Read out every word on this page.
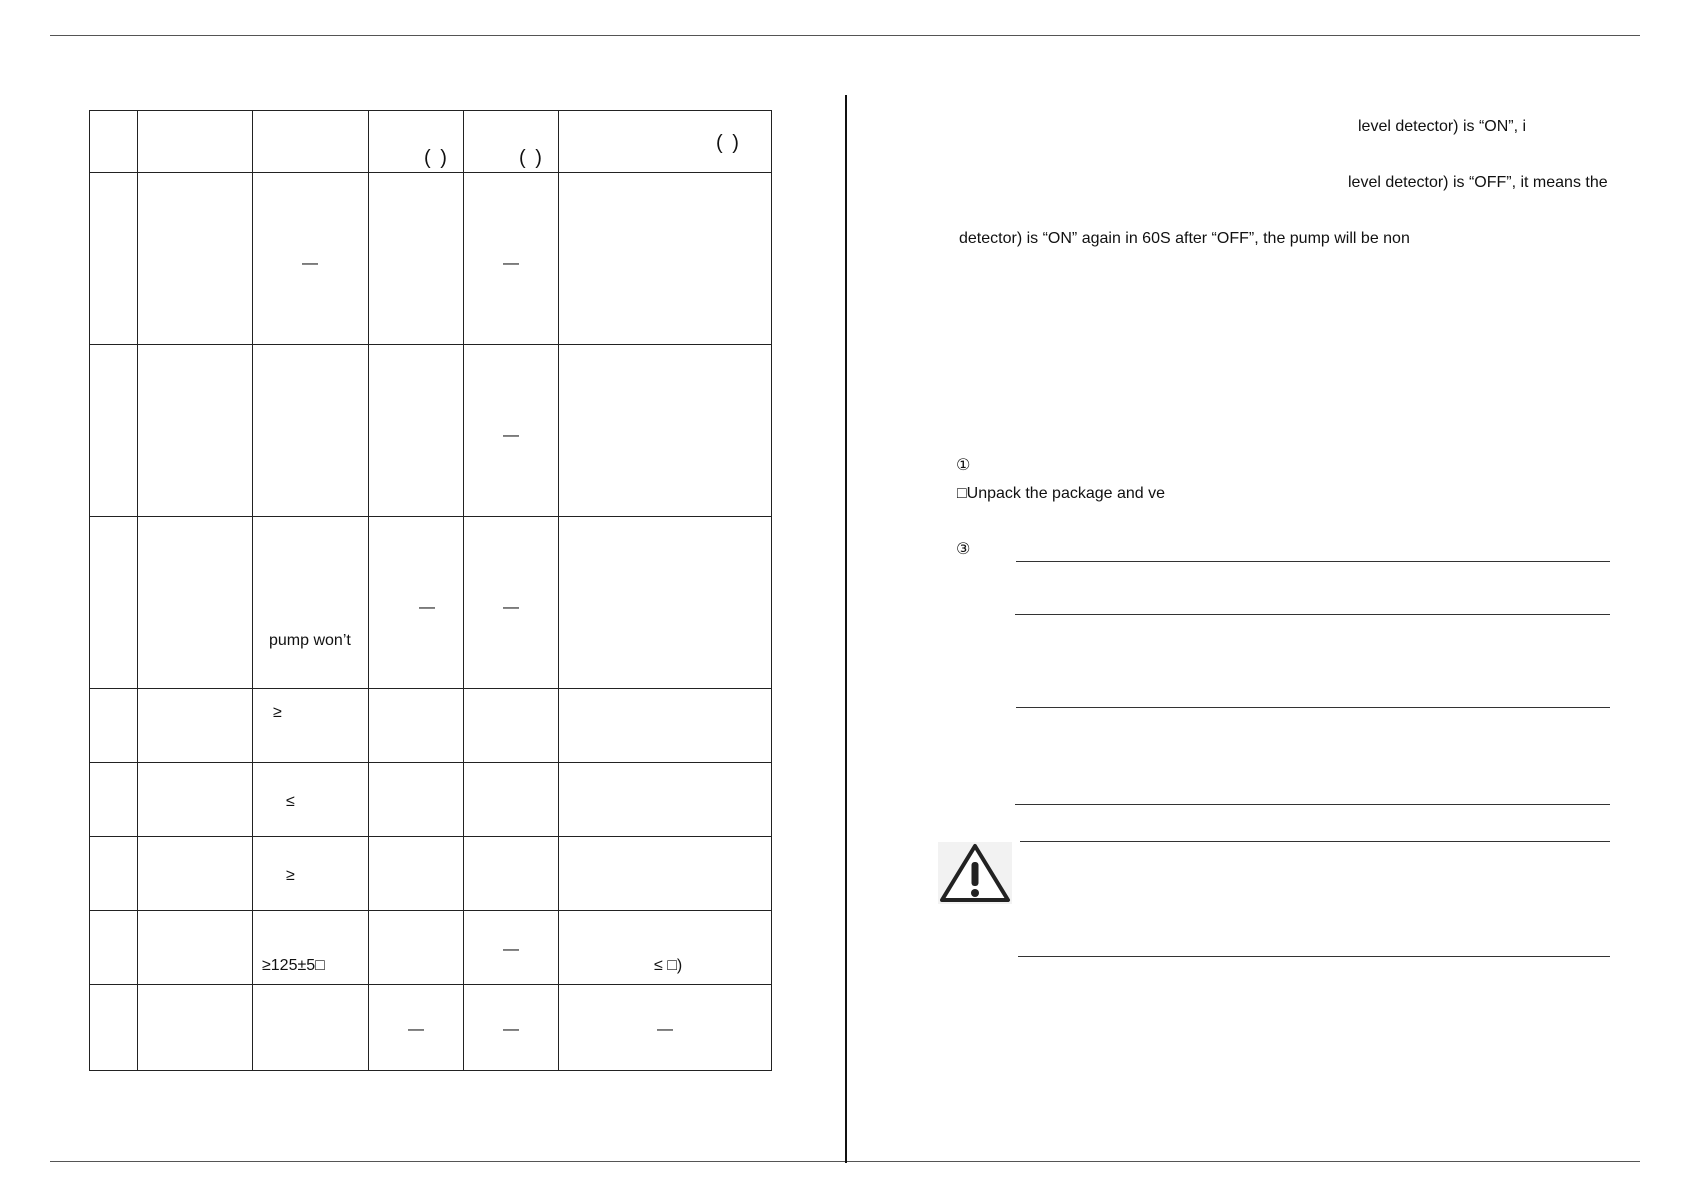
			( )	( )	( )

		—		—	

				—	

		pump won’t	—	—	

		≥			

		≤			

		≥			

		≥125±5□		—	≤ □)

			—	—	—
level detector) is “ON”, i
level detector) is “OFF”, it means the
detector) is “ON” again in 60S after “OFF”, the pump will be non
①
□Unpack the package and ve
③
